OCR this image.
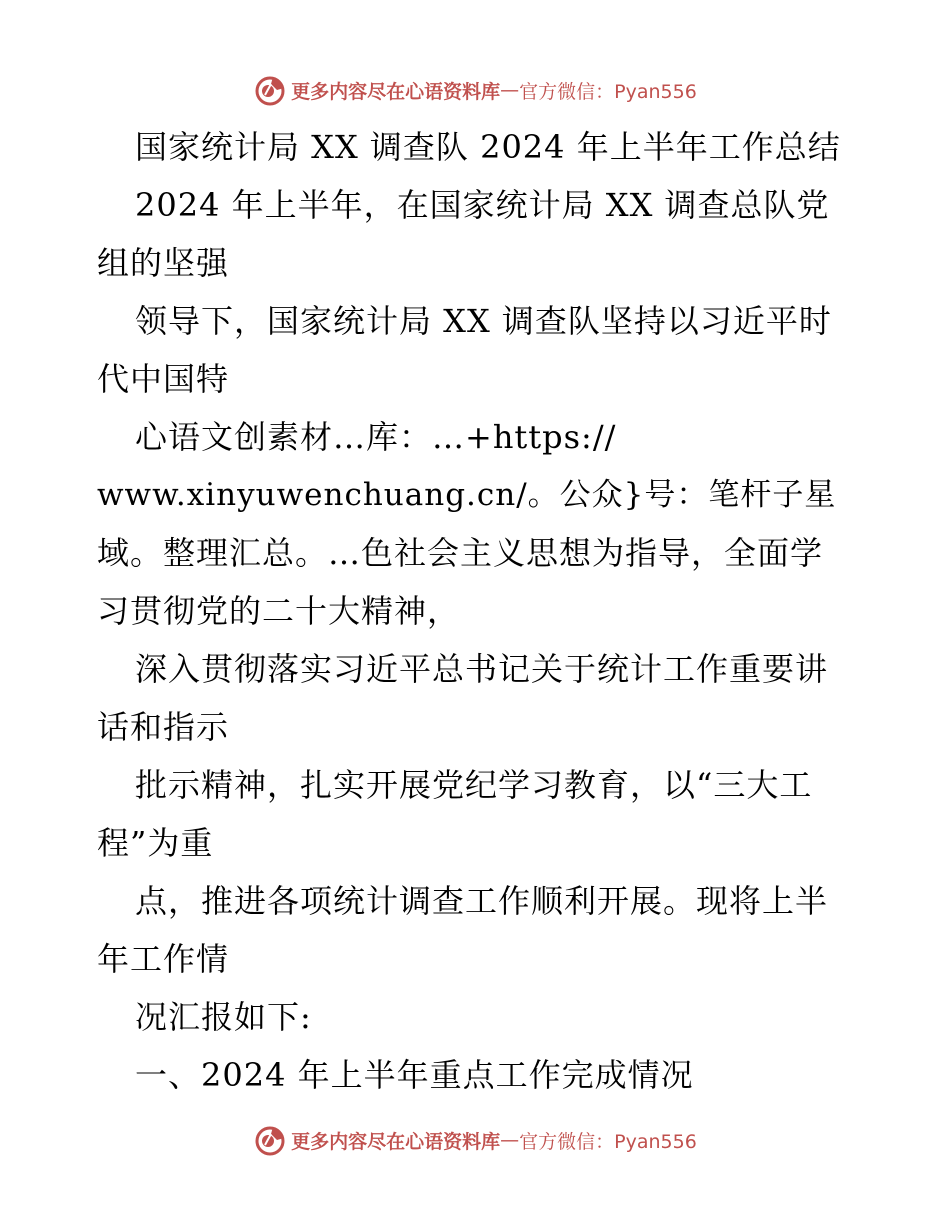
更多内容尽在心语资料库 — 官方微信：Pyan556
国家统计局 XX 调查队 2024 年上半年工作总结
2024 年上半年，在国家统计局 XX 调查总队党
组的坚强
领导下，国家统计局 XX 调查队坚持以习近平时
代中国特
心语文创素材…库：…+https://
www.xinyuwenchuang.cn/。公众}号：笔杆子星
域。整理汇总。…色社会主义思想为指导，全面学
习贯彻党的二十大精神，
深入贯彻落实习近平总书记关于统计工作重要讲
话和指示
批示精神，扎实开展党纪学习教育，以“三大工
程”为重
点，推进各项统计调查工作顺利开展。现将上半
年工作情
况汇报如下:
一、2024 年上半年重点工作完成情况
更多内容尽在心语资料库 — 官方微信：Pyan556
